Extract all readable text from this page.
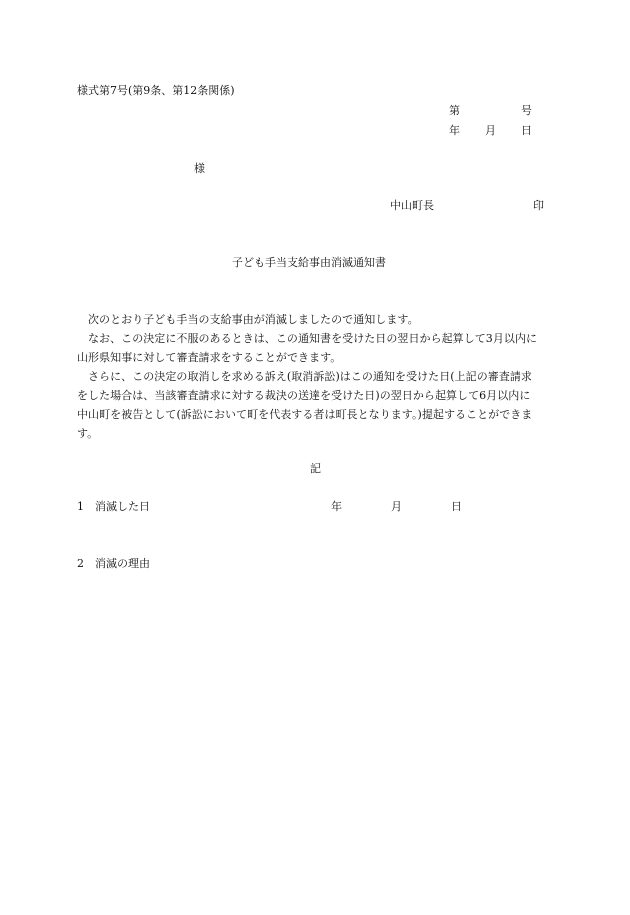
様式第7号(第9条、第12条関係)
第	号
年 月 日
様
中山町長	印
子ども手当支給事由消滅通知書
次のとおり子ども手当の支給事由が消滅しましたので通知します。
なお、この決定に不服のあるときは、この通知書を受けた日の翌日から起算して3月以内に山形県知事に対して審査請求をすることができます。
さらに、この決定の取消しを求める訴え(取消訴訟)はこの通知を受けた日(上記の審査請求をした場合は、当該審査請求に対する裁決の送達を受けた日)の翌日から起算して6月以内に中山町を被告として(訴訟において町を代表する者は町長となります。)提起することができます。
記
1　消滅した日	年	月	日
2　消滅の理由
